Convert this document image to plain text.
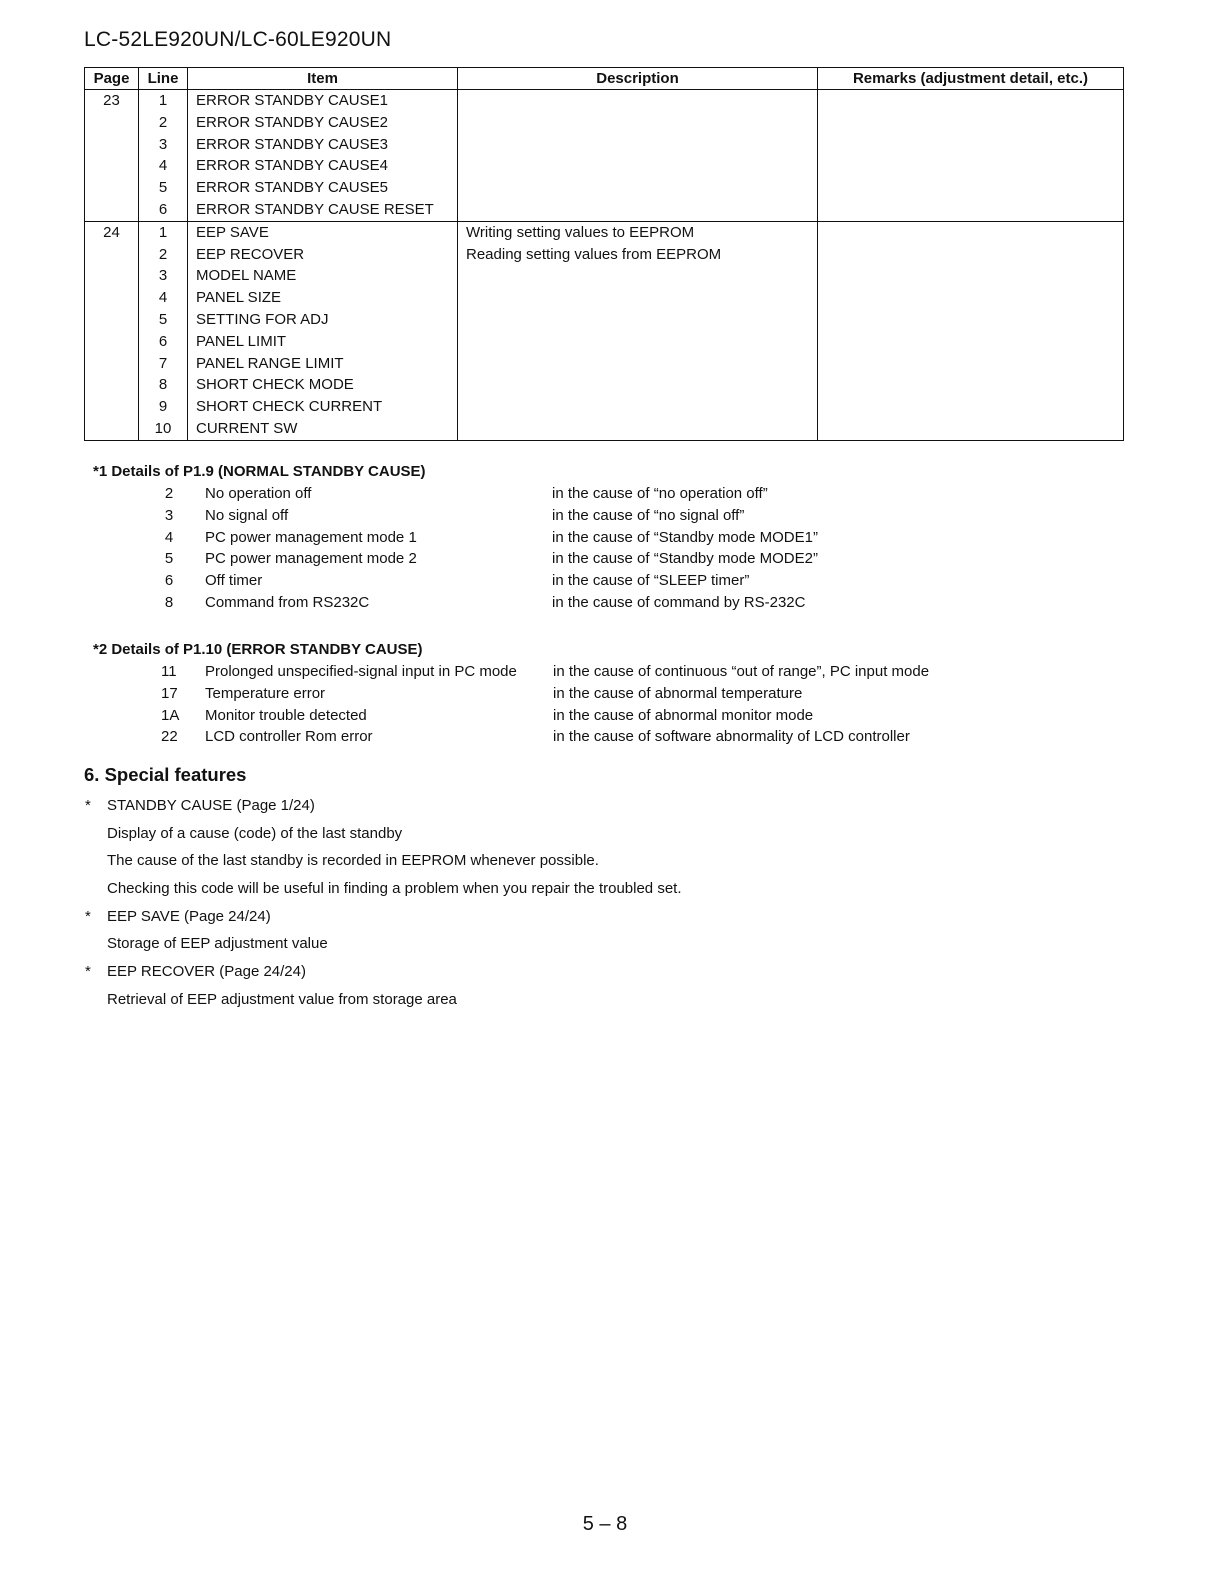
LC-52LE920UN/LC-60LE920UN
Page	Line	Item	Description	Remarks (adjustment detail, etc.)
23	1	ERROR STANDBY CAUSE1		
	2	ERROR STANDBY CAUSE2		
	3	ERROR STANDBY CAUSE3		
	4	ERROR STANDBY CAUSE4		
	5	ERROR STANDBY CAUSE5		
	6	ERROR STANDBY CAUSE RESET		
24	1	EEP SAVE	Writing setting values to EEPROM	
	2	EEP RECOVER	Reading setting values from EEPROM	
	3	MODEL NAME		
	4	PANEL SIZE		
	5	SETTING FOR ADJ		
	6	PANEL LIMIT		
	7	PANEL RANGE LIMIT		
	8	SHORT CHECK MODE		
	9	SHORT CHECK CURRENT		
	10	CURRENT SW		
*1 Details of P1.9 (NORMAL STANDBY CAUSE)
2	No operation off	in the cause of “no operation off”
3	No signal off	in the cause of “no signal off”
4	PC power management mode 1	in the cause of “Standby mode MODE1”
5	PC power management mode 2	in the cause of “Standby mode MODE2”
6	Off timer	in the cause of “SLEEP timer”
8	Command from RS232C	in the cause of command by RS-232C
*2 Details of P1.10 (ERROR STANDBY CAUSE)
11	Prolonged unspecified-signal input in PC mode in the cause of continuous “out of range”, PC input mode
17	Temperature error	in the cause of abnormal temperature
1A	Monitor trouble detected	in the cause of abnormal monitor mode
22	LCD controller Rom error	in the cause of software abnormality of LCD controller
6. Special features
* STANDBY CAUSE (Page 1/24)
Display of a cause (code) of the last standby
The cause of the last standby is recorded in EEPROM whenever possible.
Checking this code will be useful in finding a problem when you repair the troubled set.
* EEP SAVE (Page 24/24)
Storage of EEP adjustment value
* EEP RECOVER (Page 24/24)
Retrieval of EEP adjustment value from storage area
5 – 8
